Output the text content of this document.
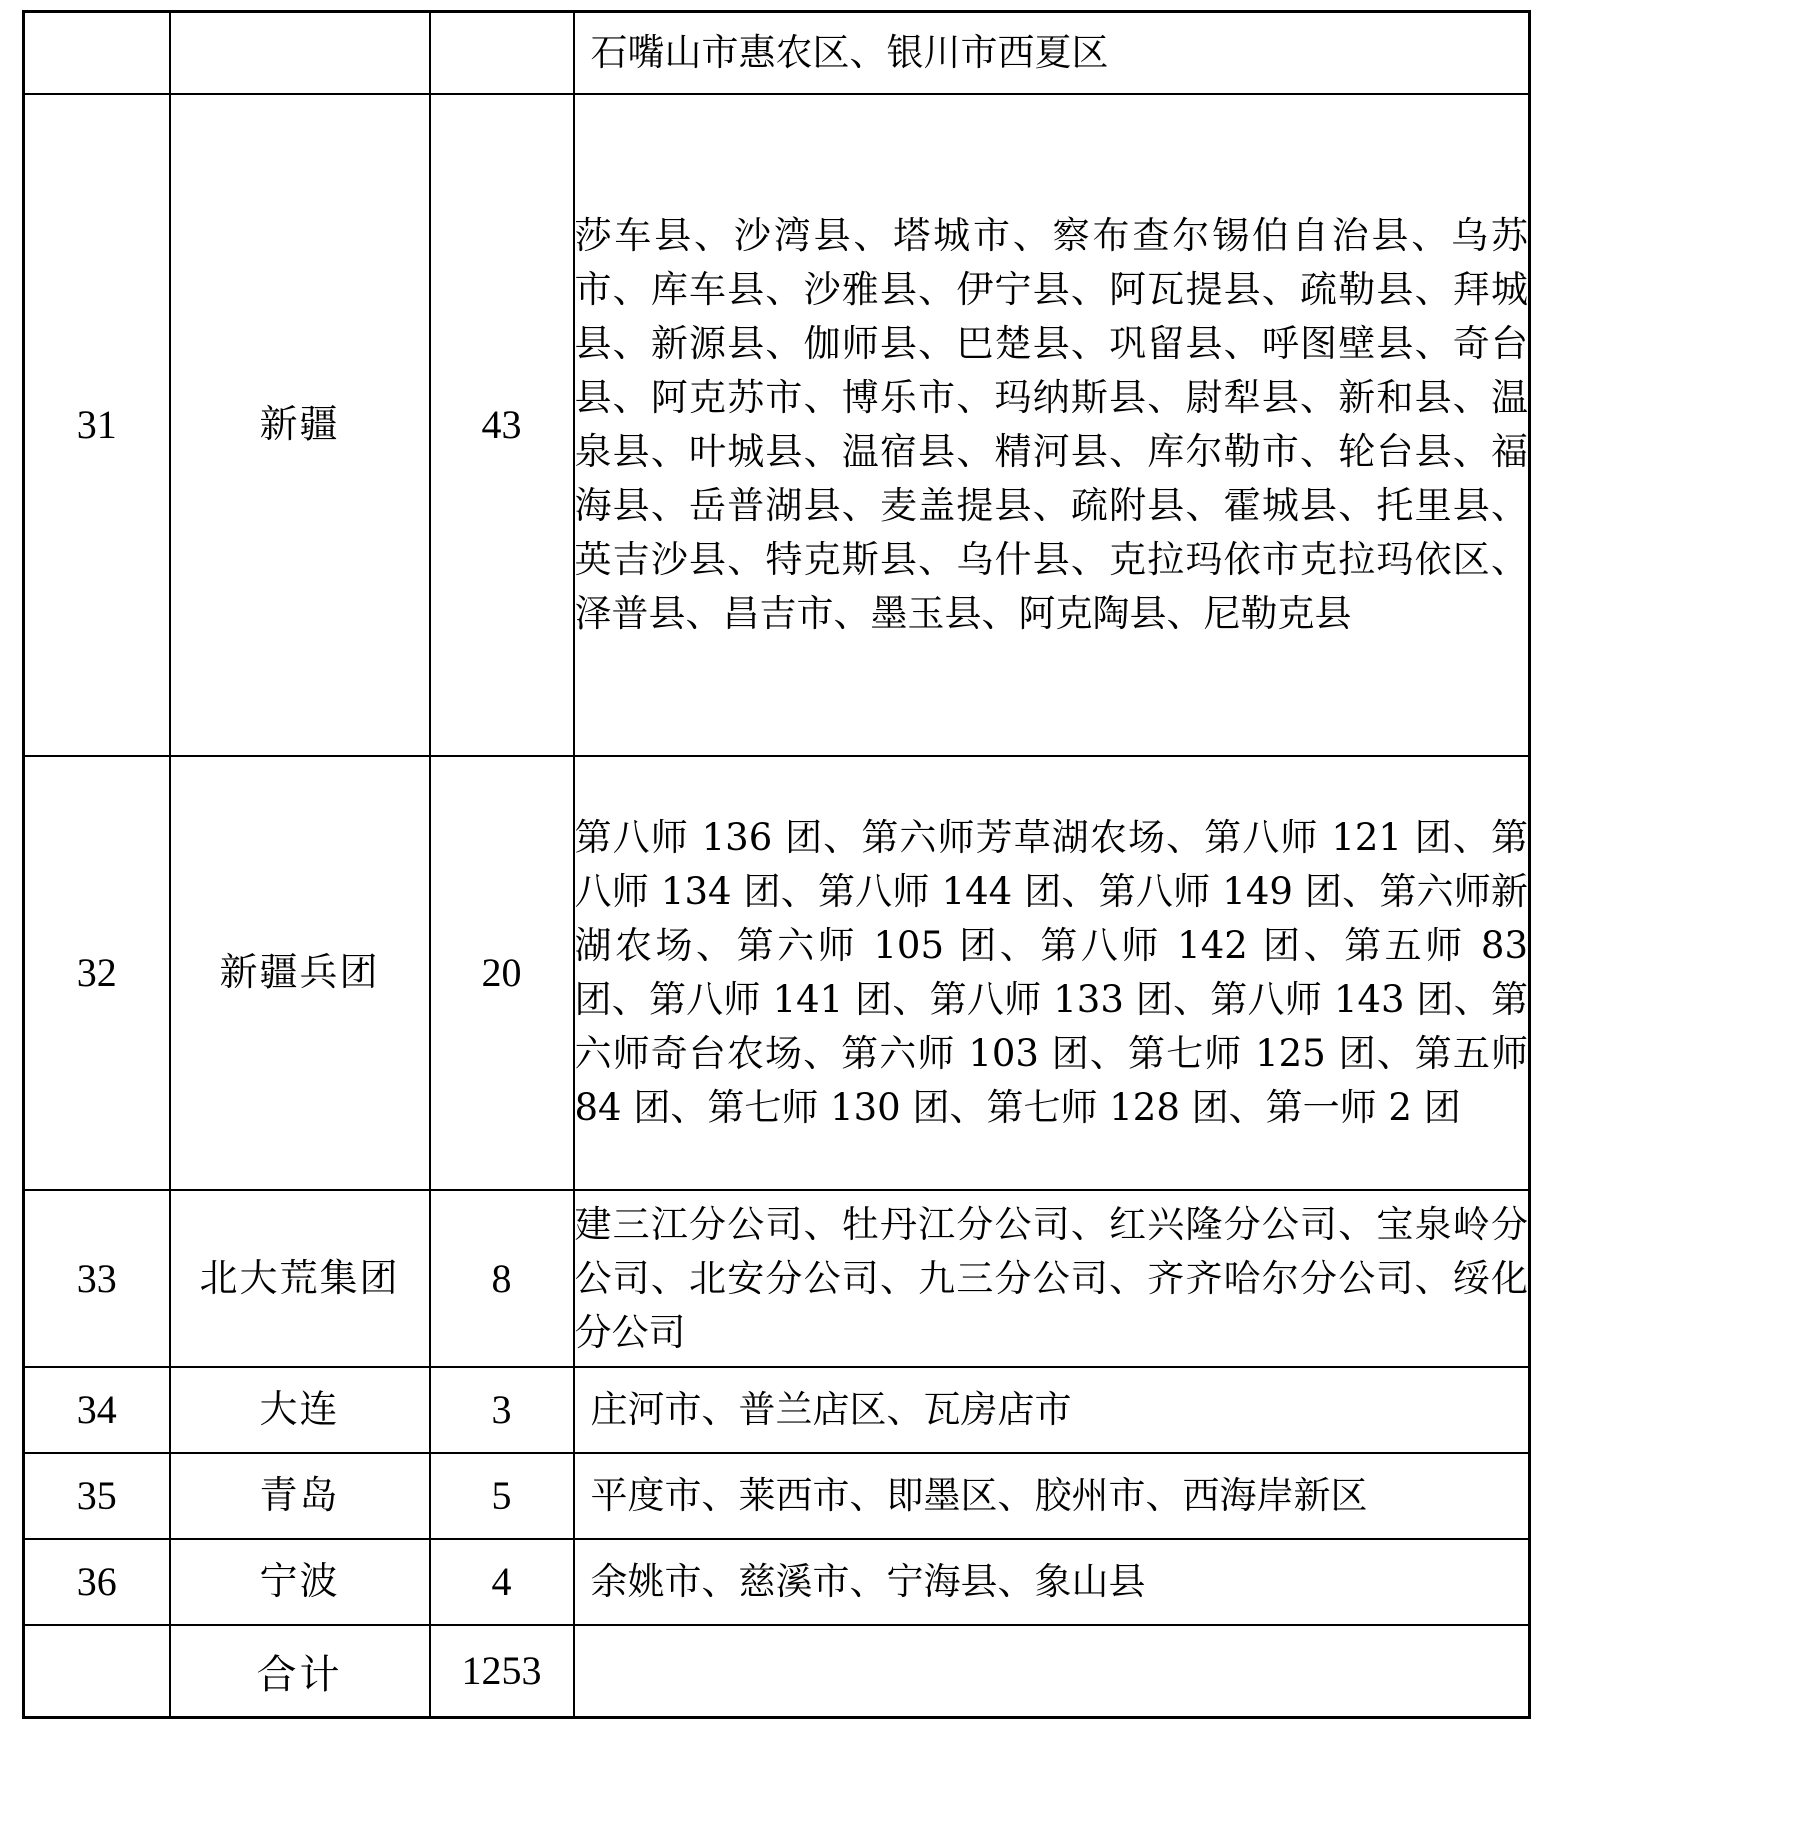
			石嘴山市惠农区、银川市西夏区
31	新疆	43	莎车县、沙湾县、塔城市、察布查尔锡伯自治县、乌苏市、库车县、沙雅县、伊宁县、阿瓦提县、疏勒县、拜城县、新源县、伽师县、巴楚县、巩留县、呼图壁县、奇台县、阿克苏市、博乐市、玛纳斯县、尉犁县、新和县、温泉县、叶城县、温宿县、精河县、库尔勒市、轮台县、福海县、岳普湖县、麦盖提县、疏附县、霍城县、托里县、英吉沙县、特克斯县、乌什县、克拉玛依市克拉玛依区、泽普县、昌吉市、墨玉县、阿克陶县、尼勒克县
32	新疆兵团	20	第八师 136 团、第六师芳草湖农场、第八师 121 团、第八师 134 团、第八师 144 团、第八师 149 团、第六师新湖农场、第六师 105 团、第八师 142 团、第五师 83 团、第八师 141 团、第八师 133 团、第八师 143 团、第六师奇台农场、第六师 103 团、第七师 125 团、第五师 84 团、第七师 130 团、第七师 128 团、第一师 2 团
33	北大荒集团	8	建三江分公司、牡丹江分公司、红兴隆分公司、宝泉岭分公司、北安分公司、九三分公司、齐齐哈尔分公司、绥化分公司
34	大连	3	庄河市、普兰店区、瓦房店市
35	青岛	5	平度市、莱西市、即墨区、胶州市、西海岸新区
36	宁波	4	余姚市、慈溪市、宁海县、象山县
	合计	1253	
